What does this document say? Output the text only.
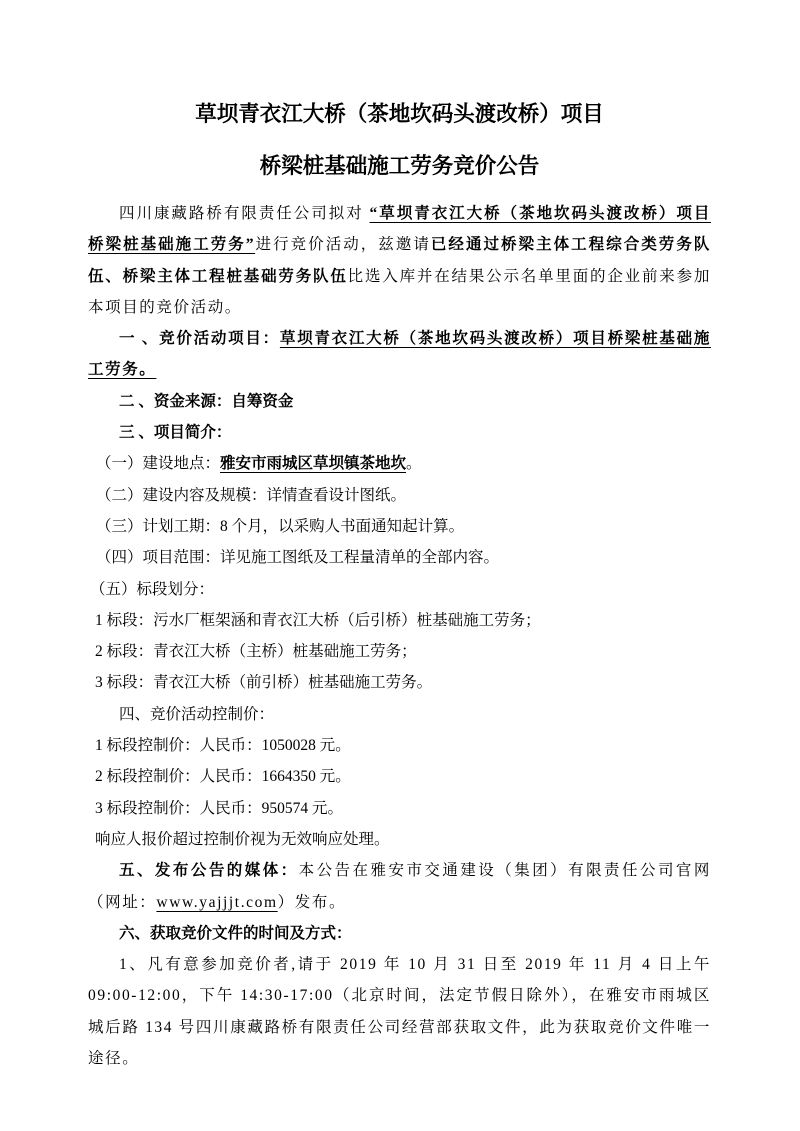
草坝青衣江大桥（茶地坎码头渡改桥）项目
桥梁桩基础施工劳务竞价公告

四川康藏路桥有限责任公司拟对 “草坝青衣江大桥（茶地坎码头渡改桥）项目桥梁桩基础施工劳务”进行竞价活动，兹邀请已经通过桥梁主体工程综合类劳务队伍、桥梁主体工程桩基础劳务队伍比选入库并在结果公示名单里面的企业前来参加本项目的竞价活动。

一 、竞价活动项目：草坝青衣江大桥（茶地坎码头渡改桥）项目桥梁桩基础施工劳务。

二 、资金来源：自筹资金

三 、项目简介：

（一）建设地点：雅安市雨城区草坝镇茶地坎。

（二）建设内容及规模：详情查看设计图纸。

（三）计划工期：8 个月，以采购人书面通知起计算。

（四）项目范围：详见施工图纸及工程量清单的全部内容。

（五）标段划分：

1 标段：污水厂框架涵和青衣江大桥（后引桥）桩基础施工劳务；

2 标段：青衣江大桥（主桥）桩基础施工劳务；

3 标段：青衣江大桥（前引桥）桩基础施工劳务。

四、竞价活动控制价：

1 标段控制价：人民币：1050028 元。

2 标段控制价：人民币：1664350 元。

3 标段控制价：人民币：950574 元。

响应人报价超过控制价视为无效响应处理。

五、发布公告的媒体：本公告在雅安市交通建设（集团）有限责任公司官网（网址：www.yajjjt.com）发布。

六、获取竞价文件的时间及方式：

1、凡有意参加竞价者,请于 2019 年 10 月 31 日至 2019 年 11 月 4 日上午 09:00-12:00，下午 14:30-17:00（北京时间，法定节假日除外），在雅安市雨城区城后路 134 号四川康藏路桥有限责任公司经营部获取文件，此为获取竞价文件唯一途径。
